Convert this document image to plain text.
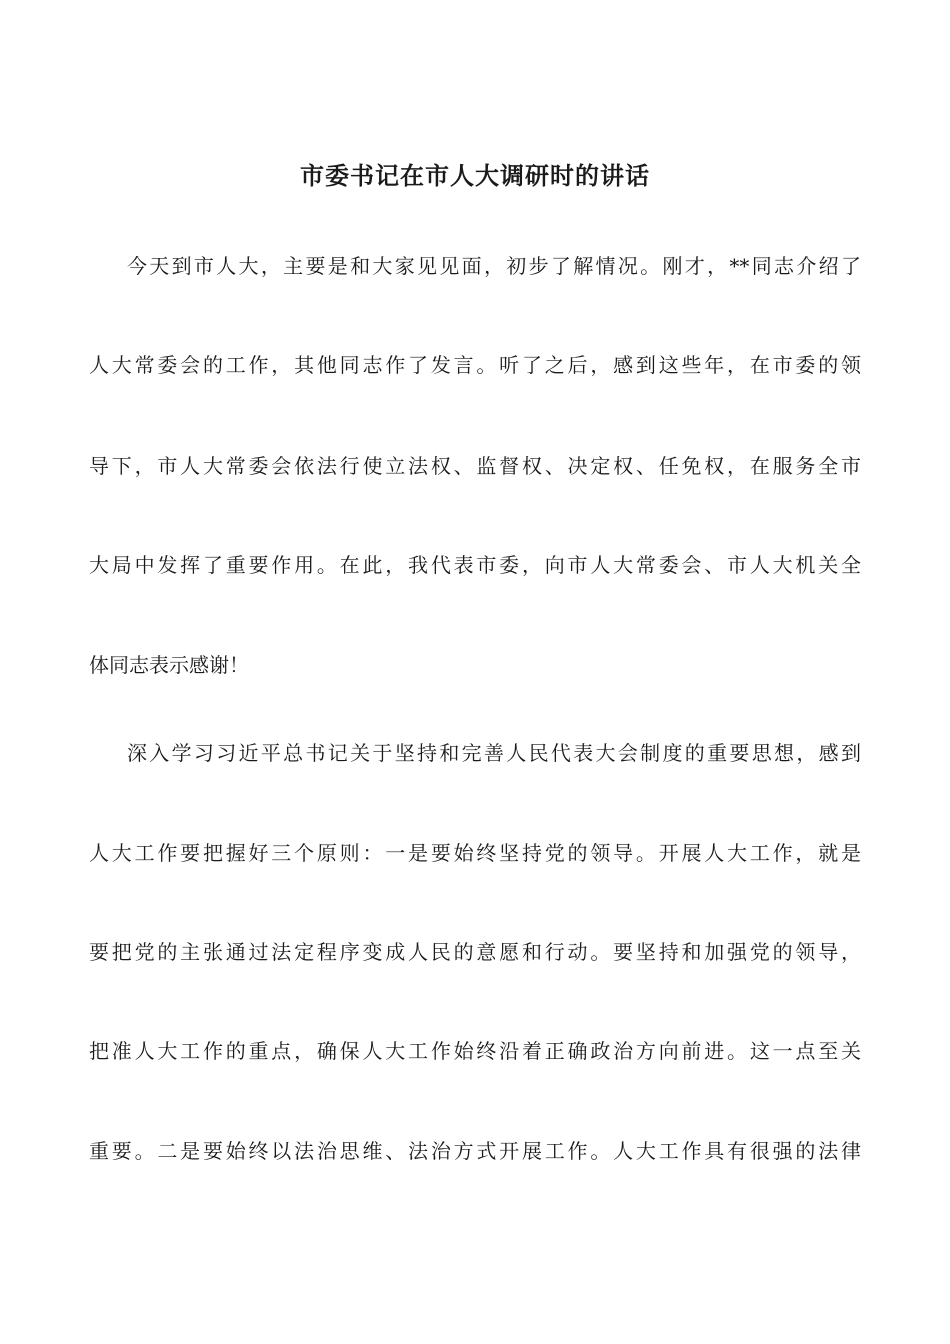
市委书记在市人大调研时的讲话
今天到市人大，主要是和大家见见面，初步了解情况。刚才，**同志介绍了
人大常委会的工作，其他同志作了发言。听了之后，感到这些年，在市委的领
导下，市人大常委会依法行使立法权、监督权、决定权、任免权，在服务全市
大局中发挥了重要作用。在此，我代表市委，向市人大常委会、市人大机关全
体同志表示感谢！
深入学习习近平总书记关于坚持和完善人民代表大会制度的重要思想，感到
人大工作要把握好三个原则：一是要始终坚持党的领导。开展人大工作，就是
要把党的主张通过法定程序变成人民的意愿和行动。要坚持和加强党的领导，
把准人大工作的重点，确保人大工作始终沿着正确政治方向前进。这一点至关
重要。二是要始终以法治思维、法治方式开展工作。人大工作具有很强的法律
